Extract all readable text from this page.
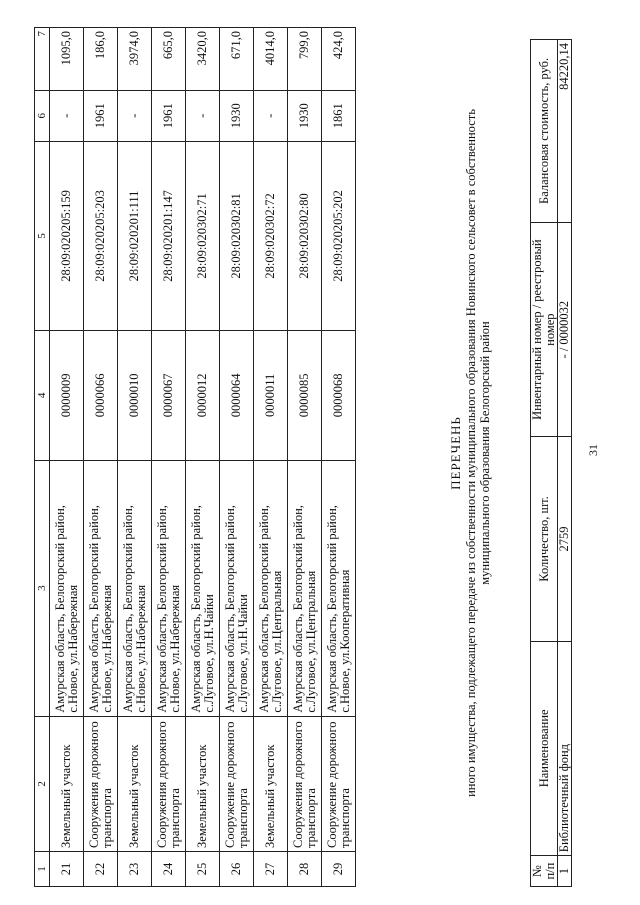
31
1	2	3	4	5	6	7
21	Земельный участок	Амурская область, Белогорский район, с.Новое, ул.Набережная	0000009	28:09:020205:159	-	1095,0
22	Сооружения дорожного транспорта	Амурская область, Белогорский район, с.Новое, ул.Набережная	0000066	28:09:020205:203	1961	186,0
23	Земельный участок	Амурская область, Белогорский район, с.Новое, ул.Набережная	0000010	28:09:020201:111	-	3974,0
24	Сооружения дорожного транспорта	Амурская область, Белогорский район, с.Новое, ул.Набережная	0000067	28:09:020201:147	1961	665,0
25	Земельный участок	Амурская область, Белогорский район, с.Луговое, ул.Н.Чайки	0000012	28:09:020302:71	-	3420,0
26	Сооружение дорожного транспорта	Амурская область, Белогорский район, с.Луговое, ул.Н.Чайки	0000064	28:09:020302:81	1930	671,0
27	Земельный участок	Амурская область, Белогорский район, с.Луговое, ул.Центральная	0000011	28:09:020302:72	-	4014,0
28	Сооружения дорожного транспорта	Амурская область, Белогорский район, с.Луговое, ул.Центральная	0000085	28:09:020302:80	1930	799,0
29	Сооружение дорожного транспорта	Амурская область, Белогорский район, с.Новое, ул.Кооперативная	0000068	28:09:020205:202	1861	424,0
ПЕРЕЧЕНЬ иного имущества, подлежащего передаче из собственности муниципального образования Новинского сельсовет в собственность муниципального образования Белогорский район
№ п/п	Наименование	Количество, шт.	Инвентарный номер / реестровый номер	Балансовая стоимость, руб.
1	Библиотечный фонд	2759	- / 0000032	84220,14
